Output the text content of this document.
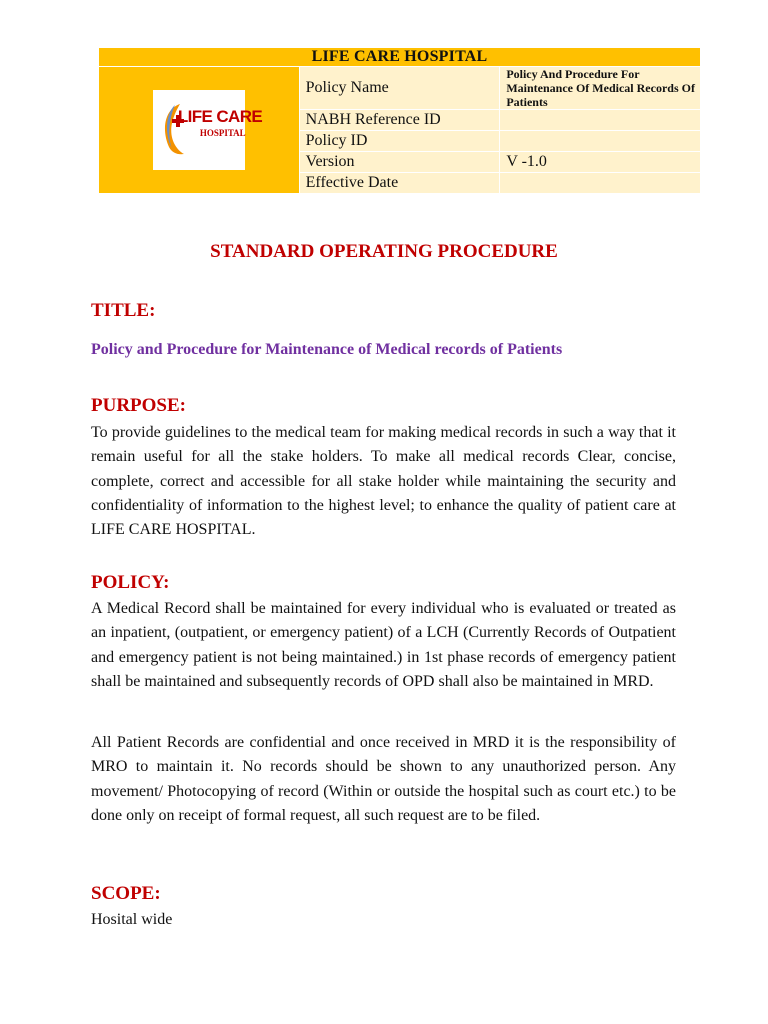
LIFE CARE HOSPITAL		

LIFE CARE
HOSPITAL	Policy Name	Policy And Procedure For Maintenance Of Medical Records Of Patients
	NABH Reference ID	
	Policy ID	
	Version	V -1.0
	Effective Date	
STANDARD OPERATING PROCEDURE
TITLE:
Policy and Procedure for Maintenance of Medical records of Patients
PURPOSE:

To provide guidelines to the medical team for making medical records in such a way that it remain useful for all the stake holders. To make all medical records Clear, concise, complete, correct and accessible for all stake holder while maintaining the security and confidentiality of information to the highest level; to enhance the quality of patient care at LIFE CARE HOSPITAL.

POLICY:

A Medical Record shall be maintained for every individual who is evaluated or treated as an inpatient, (outpatient, or emergency patient) of a LCH (Currently Records of Outpatient and emergency patient is not being maintained.) in 1st phase records of emergency patient shall be maintained and subsequently records of OPD shall also be maintained in MRD.

All Patient Records are confidential and once received in MRD it is the responsibility of MRO to maintain it. No records should be shown to any unauthorized person. Any movement/ Photocopying of record (Within or outside the hospital such as court etc.) to be done only on receipt of formal request, all such request are to be filed.

SCOPE:

Hosital wide
